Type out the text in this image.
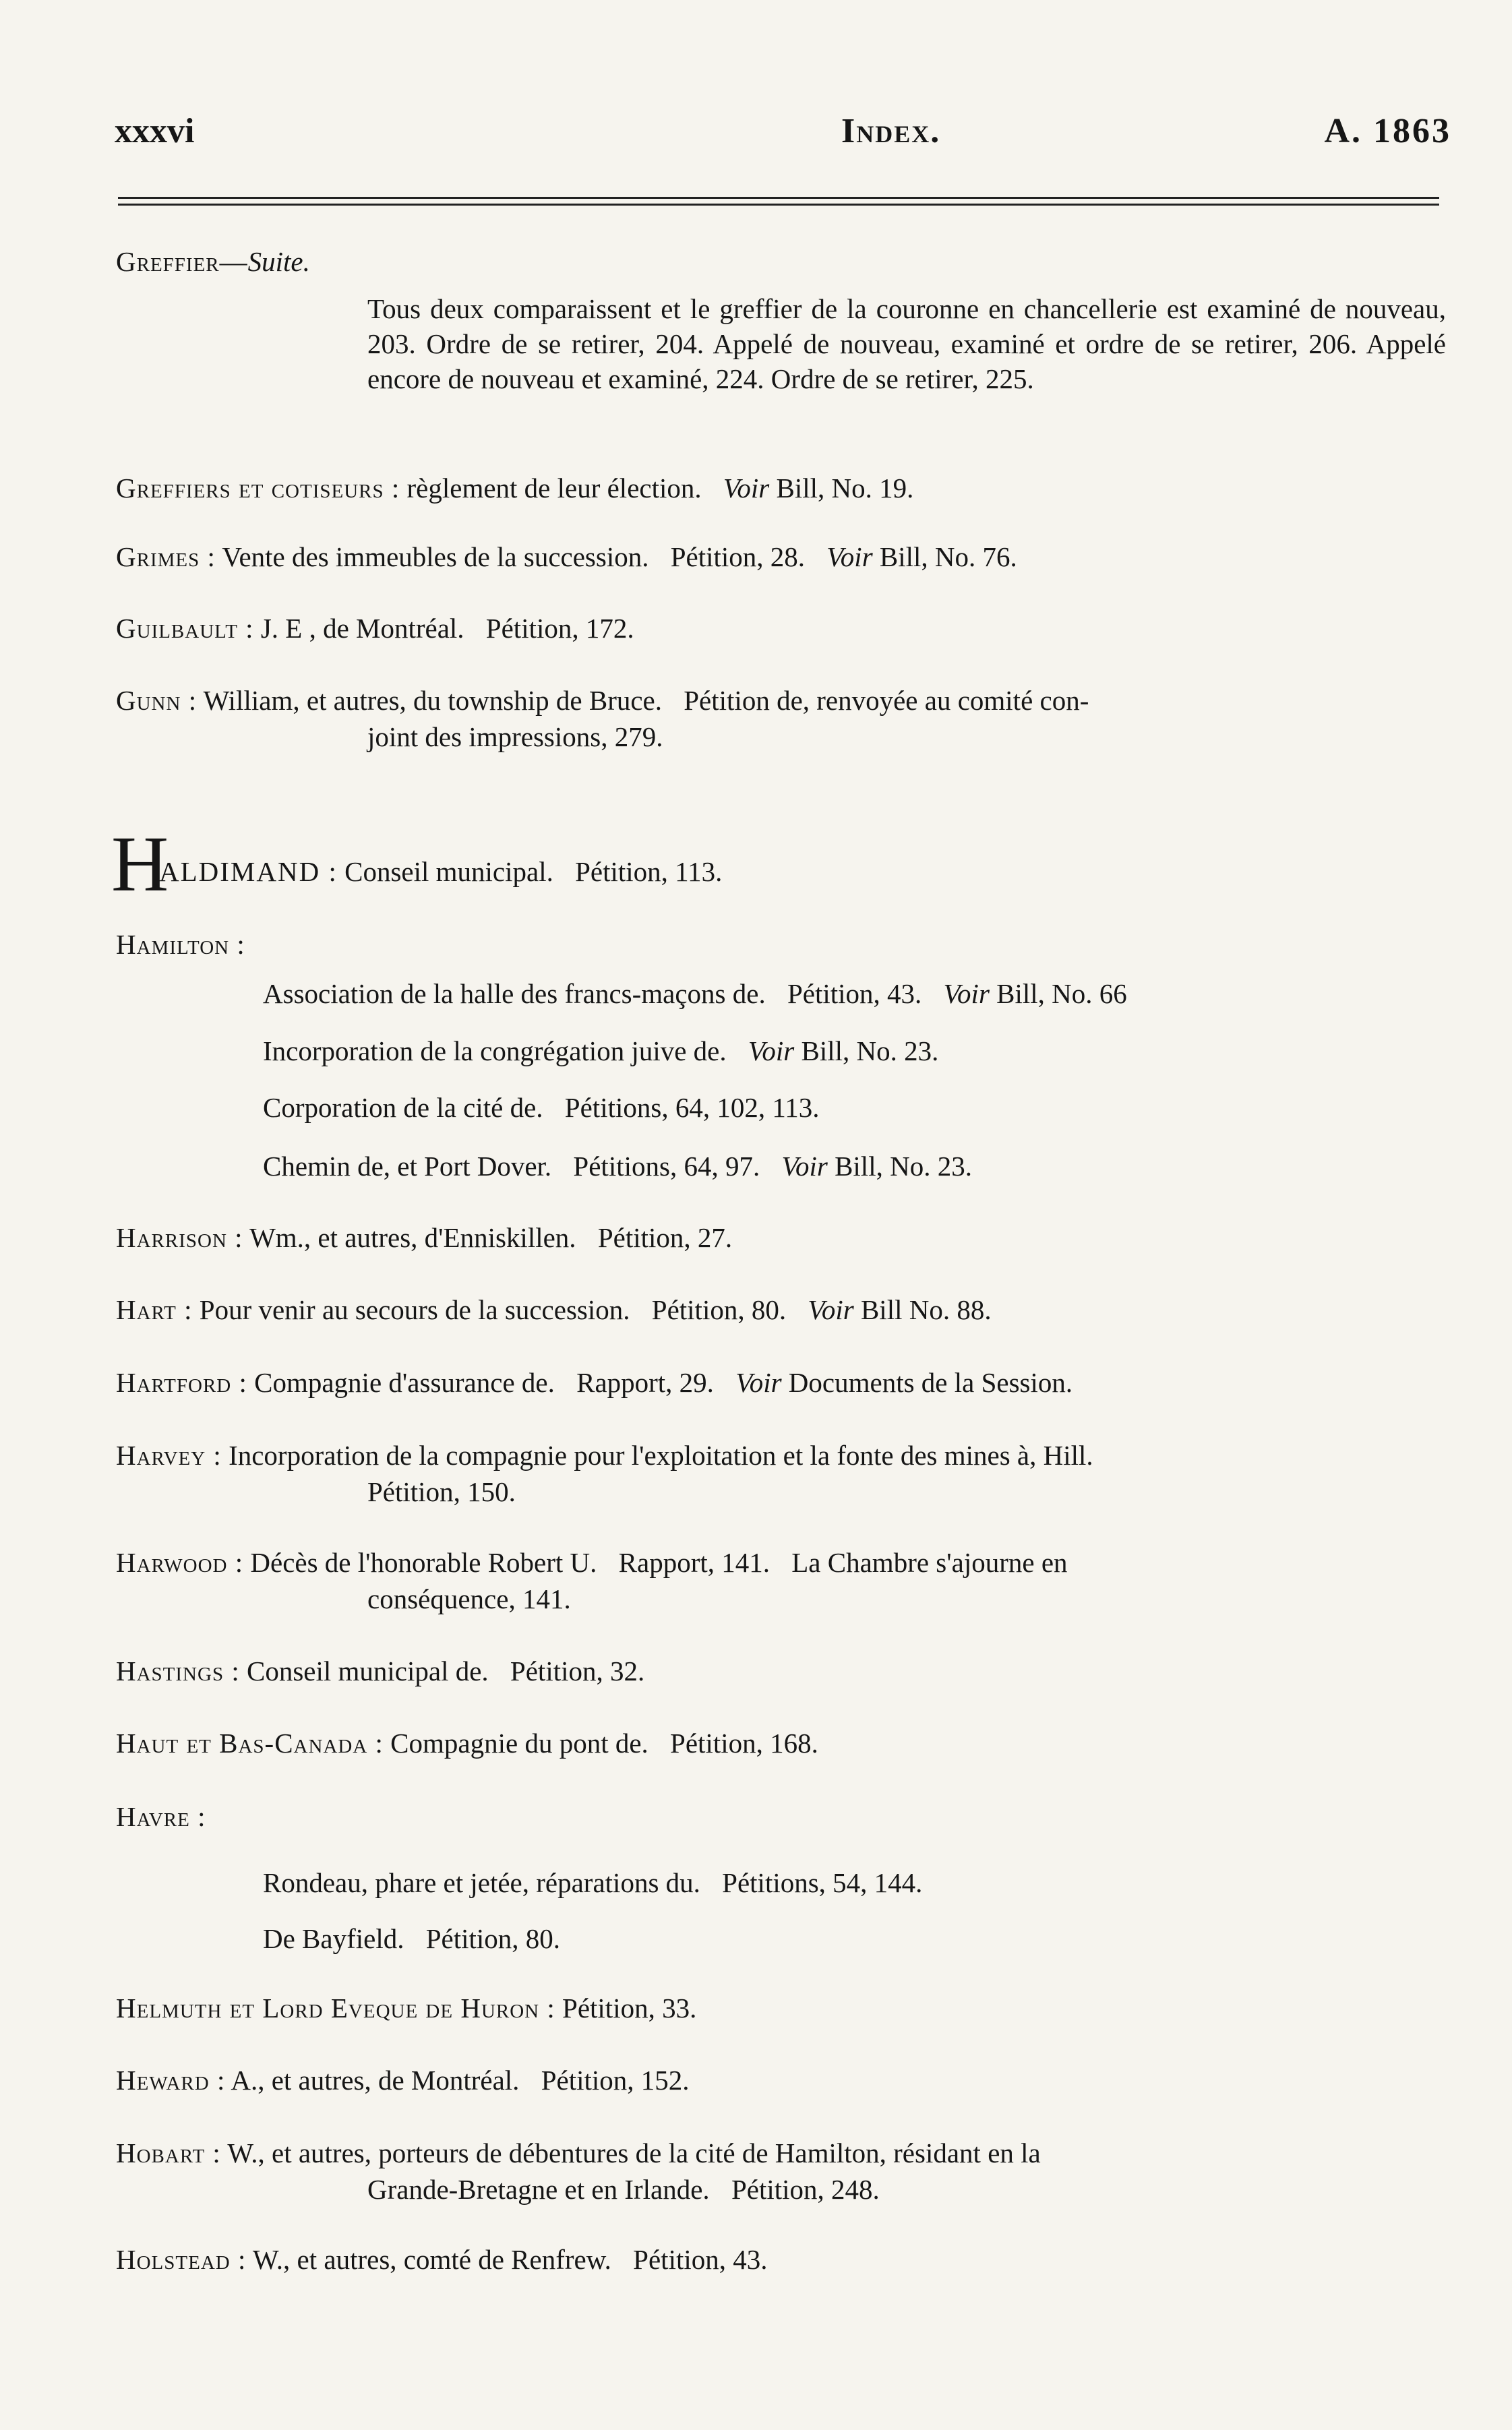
xxxvi	Index.	A. 1863
Greffier—Suite.
Tous deux comparaissent et le greffier de la couronne en chancellerie est examiné de nouveau, 203. Ordre de se retirer, 204. Appelé de nouveau, examiné et ordre de se retirer, 206. Appelé encore de nouveau et examiné, 224. Ordre de se retirer, 225.
Greffiers et cotiseurs : règlement de leur élection. Voir Bill, No. 19.
Grimes : Vente des immeubles de la succession. Pétition, 28. Voir Bill, No. 76.
Guilbault : J. E , de Montréal. Pétition, 172.
Gunn : William, et autres, du township de Bruce. Pétition de, renvoyée au comité con-
joint des impressions, 279.
H
ALDIMAND : Conseil municipal. Pétition, 113.
Hamilton :
Association de la halle des francs-maçons de. Pétition, 43. Voir Bill, No. 66
Incorporation de la congrégation juive de. Voir Bill, No. 23.
Corporation de la cité de. Pétitions, 64, 102, 113.
Chemin de, et Port Dover. Pétitions, 64, 97. Voir Bill, No. 23.
Harrison : Wm., et autres, d'Enniskillen. Pétition, 27.
Hart : Pour venir au secours de la succession. Pétition, 80. Voir Bill No. 88.
Hartford : Compagnie d'assurance de. Rapport, 29. Voir Documents de la Session.
Harvey : Incorporation de la compagnie pour l'exploitation et la fonte des mines à, Hill.
Pétition, 150.
Harwood : Décès de l'honorable Robert U. Rapport, 141. La Chambre s'ajourne en
conséquence, 141.
Hastings : Conseil municipal de. Pétition, 32.
Haut et Bas-Canada : Compagnie du pont de. Pétition, 168.
Havre :
Rondeau, phare et jetée, réparations du. Pétitions, 54, 144.
De Bayfield. Pétition, 80.
Helmuth et Lord Eveque de Huron : Pétition, 33.
Heward : A., et autres, de Montréal. Pétition, 152.
Hobart : W., et autres, porteurs de débentures de la cité de Hamilton, résidant en la
Grande-Bretagne et en Irlande. Pétition, 248.
Holstead : W., et autres, comté de Renfrew. Pétition, 43.
